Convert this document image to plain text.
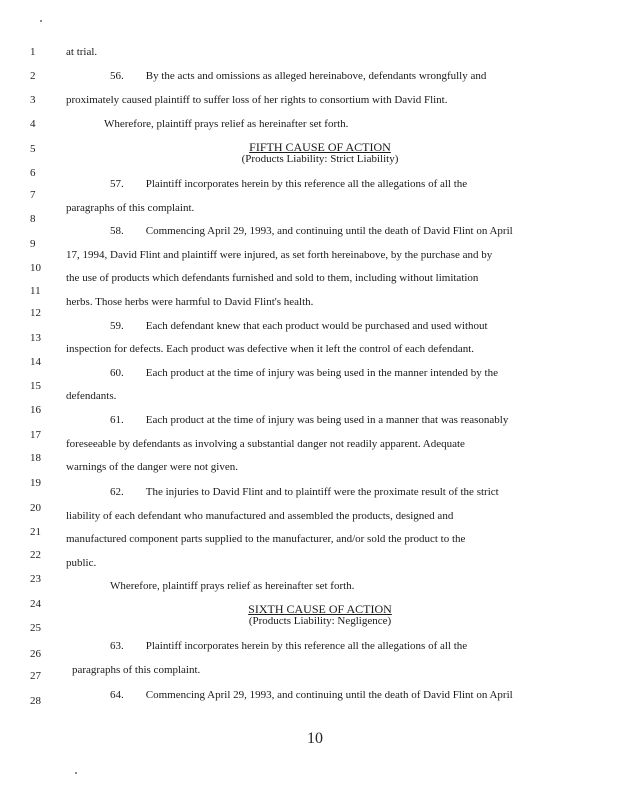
1
2
3
4
5
6
7
8
9
10
11
12
13
14
15
16
17
18
19
20
21
22
23
24
25
26
27
28
at trial.
56.  By the acts and omissions as alleged hereinabove, defendants wrongfully and
proximately caused plaintiff to suffer loss of her rights to consortium with David Flint.
Wherefore, plaintiff prays relief as hereinafter set forth.
FIFTH CAUSE OF ACTION
(Products Liability: Strict Liability)
57.  Plaintiff incorporates herein by this reference all the allegations of all the
paragraphs of this complaint.
58.  Commencing April 29, 1993, and continuing until the death of David Flint on April
17, 1994, David Flint and plaintiff were injured, as set forth hereinabove, by the purchase and by
the use of products which defendants furnished and sold to them, including without limitation
herbs. Those herbs were harmful to David Flint's health.
59.  Each defendant knew that each product would be purchased and used without
inspection for defects. Each product was defective when it left the control of each defendant.
60.  Each product at the time of injury was being used in the manner intended by the
defendants.
61.  Each product at the time of injury was being used in a manner that was reasonably
foreseeable by defendants as involving a substantial danger not readily apparent. Adequate
warnings of the danger were not given.
62.  The injuries to David Flint and to plaintiff were the proximate result of the strict
liability of each defendant who manufactured and assembled the products, designed and
manufactured component parts supplied to the manufacturer, and/or sold the product to the
public.
Wherefore, plaintiff prays relief as hereinafter set forth.
SIXTH CAUSE OF ACTION
(Products Liability: Negligence)
63.  Plaintiff incorporates herein by this reference all the allegations of all the
paragraphs of this complaint.
64.  Commencing April 29, 1993, and continuing until the death of David Flint on April
10
